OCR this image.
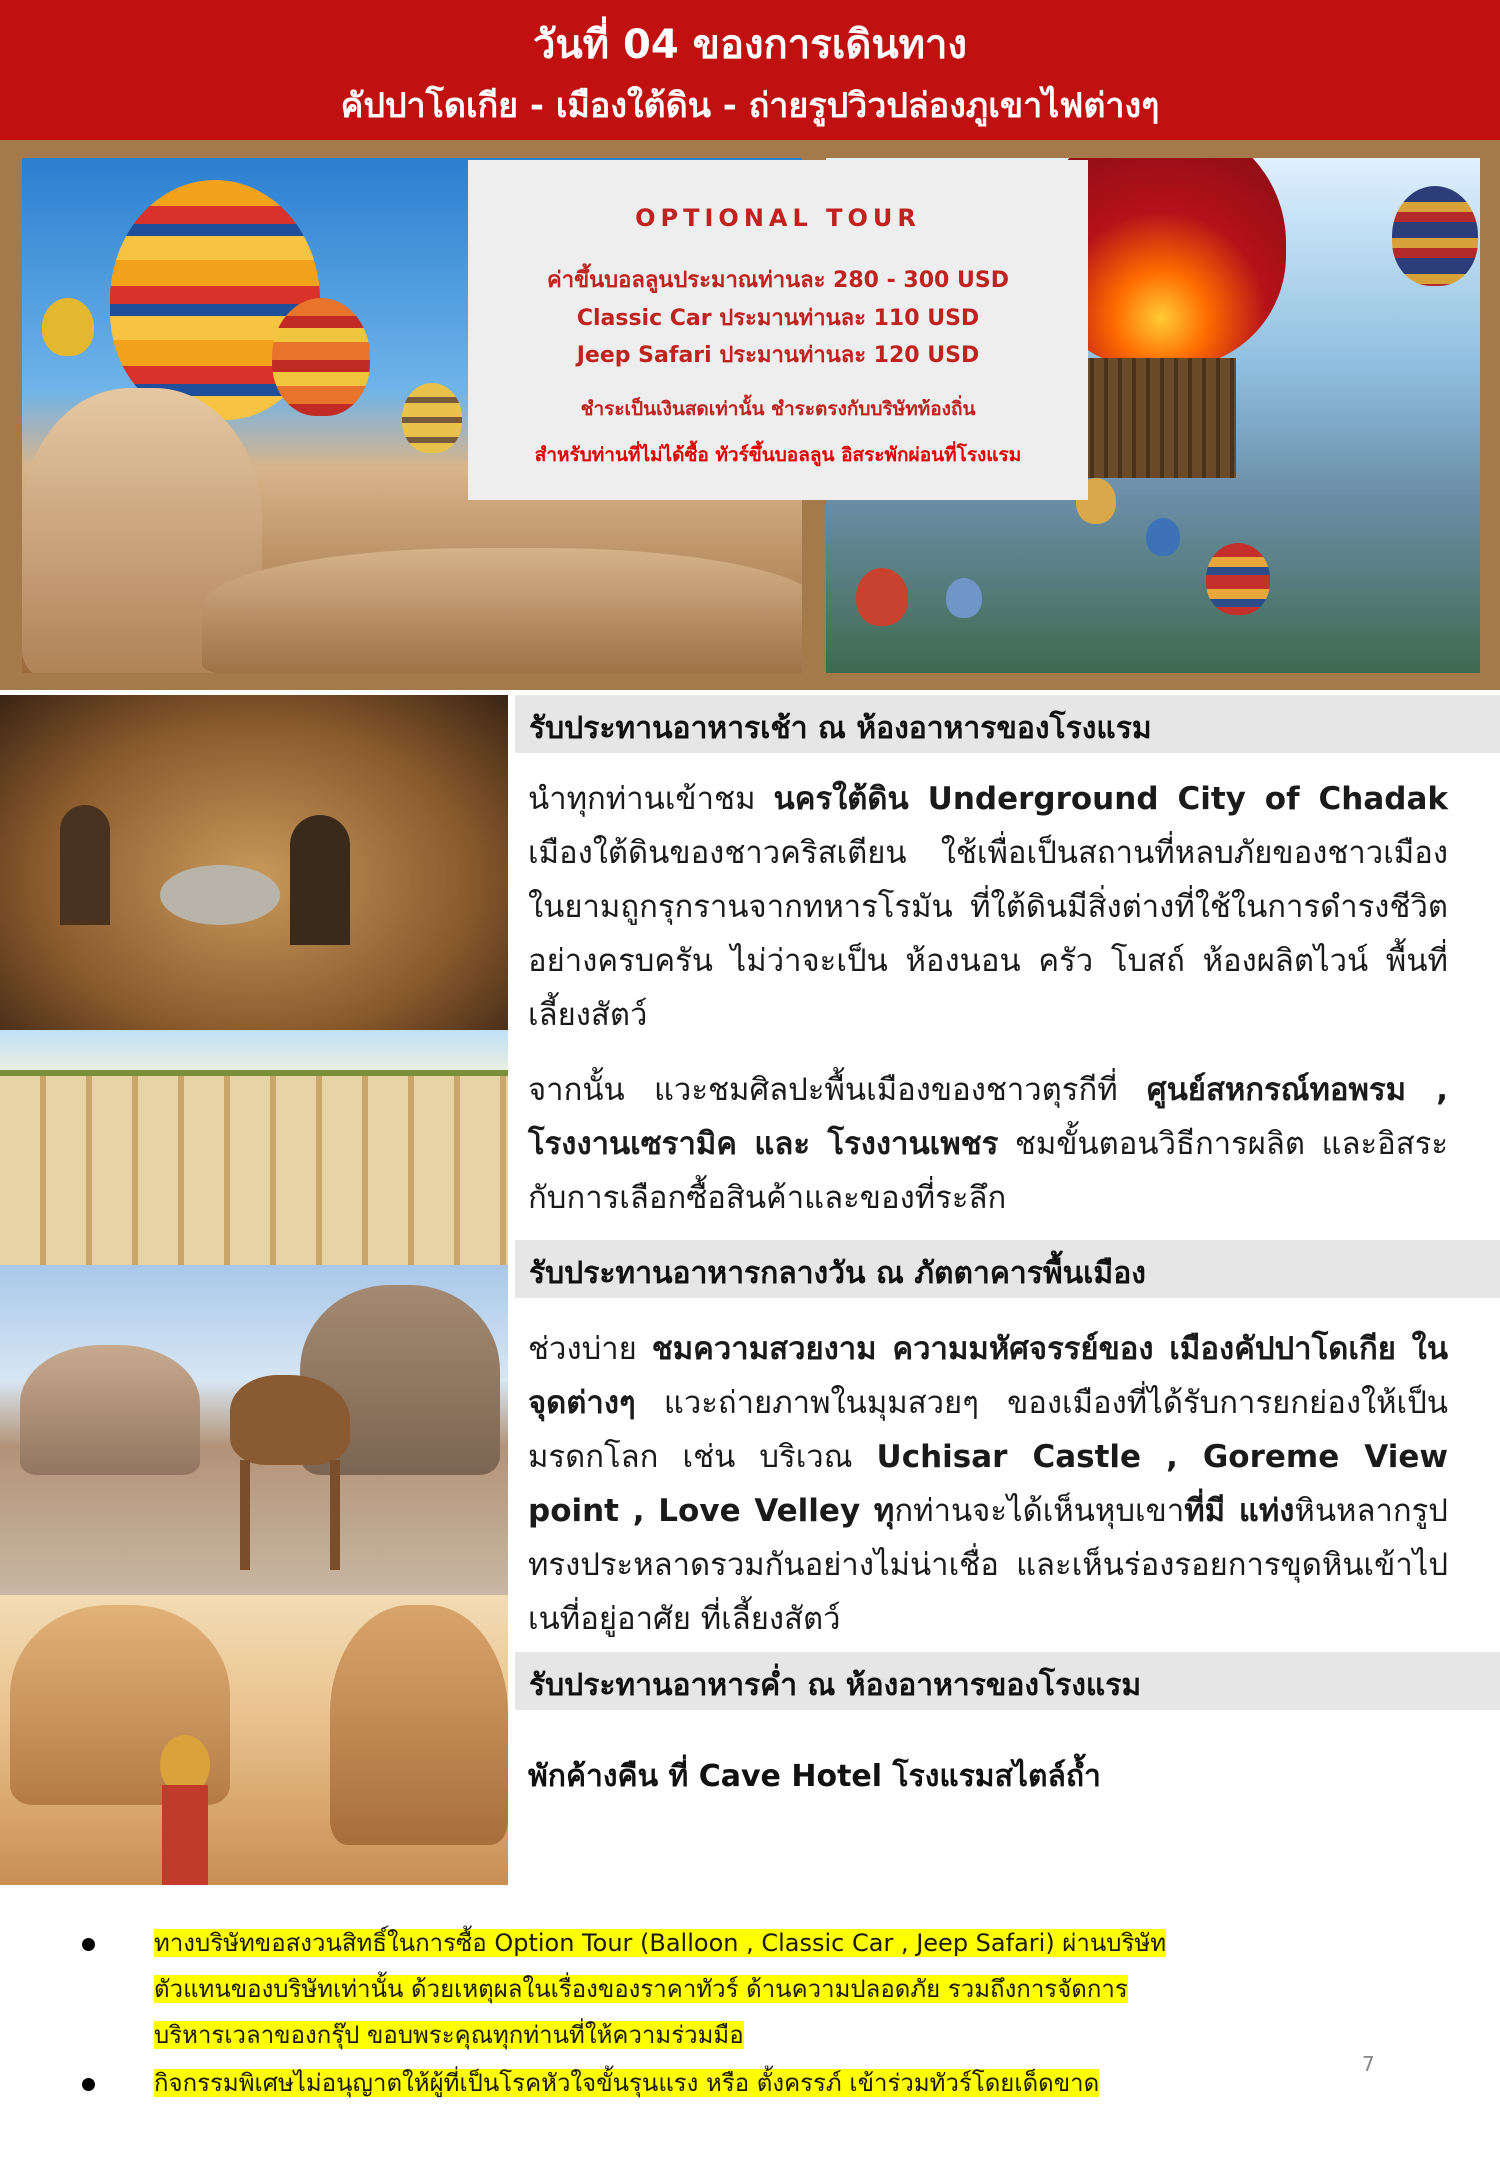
วันที่ 04 ของการเดินทาง
คัปปาโดเกีย - เมืองใต้ดิน - ถ่ายรูปวิวปล่องภูเขาไฟต่างๆ
OPTIONAL TOUR
ค่าขึ้นบอลลูนประมาณท่านละ 280 - 300 USD
Classic Car ประมานท่านละ 110 USD
Jeep Safari ประมานท่านละ 120 USD
ชำระเป็นเงินสดเท่านั้น ชำระตรงกับบริษัทท้องถิ่น
สำหรับท่านที่ไม่ได้ซื้อ ทัวร์ขึ้นบอลลูน อิสระพักผ่อนที่โรงแรม
รับประทานอาหารเช้า ณ ห้องอาหารของโรงแรม
นำทุกท่านเข้าชม นครใต้ดิน Underground City of Chadak เมืองใต้ดินของชาวคริสเตียน ใช้เพื่อเป็นสถานที่หลบภัยของชาวเมืองในยามถูกรุกรานจากทหารโรมัน ที่ใต้ดินมีสิ่งต่างที่ใช้ในการดำรงชีวิตอย่างครบครัน ไม่ว่าจะเป็น ห้องนอน ครัว โบสถ์ ห้องผลิตไวน์ พื้นที่เลี้ยงสัตว์
จากนั้น แวะชมศิลปะพื้นเมืองของชาวตุรกีที่ ศูนย์สหกรณ์ทอพรม , โรงงานเซรามิค และ โรงงานเพชร ชมขั้นตอนวิธีการผลิต และอิสระกับการเลือกซื้อสินค้าและของที่ระลึก
รับประทานอาหารกลางวัน ณ ภัตตาคารพื้นเมือง
ช่วงบ่าย ชมความสวยงาม ความมหัศจรรย์ของ เมืองคัปปาโดเกีย ในจุดต่างๆ แวะถ่ายภาพในมุมสวยๆ ของเมืองที่ได้รับการยกย่องให้เป็นมรดกโลก เช่น บริเวณ Uchisar Castle , Goreme View point , Love Velley ทุกท่านจะได้เห็นหุบเขาที่มี แท่งหินหลากรูปทรงประหลาดรวมกันอย่างไม่น่าเชื่อ และเห็นร่องรอยการขุดหินเข้าไปเนที่อยู่อาศัย ที่เลี้ยงสัตว์
รับประทานอาหารค่ำ ณ ห้องอาหารของโรงแรม
พักค้างคืน ที่ Cave Hotel โรงแรมสไตล์ถ้ำ
ทางบริษัทขอสงวนสิทธิ์ในการซื้อ Option Tour (Balloon , Classic Car , Jeep Safari) ผ่านบริษัท
ตัวแทนของบริษัทเท่านั้น ด้วยเหตุผลในเรื่องของราคาทัวร์ ด้านความปลอดภัย รวมถึงการจัดการ
บริหารเวลาของกรุ๊ป ขอบพระคุณทุกท่านที่ให้ความร่วมมือ
กิจกรรมพิเศษไม่อนุญาตให้ผู้ที่เป็นโรคหัวใจขั้นรุนแรง หรือ ตั้งครรภ์ เข้าร่วมทัวร์โดยเด็ดขาด
7
